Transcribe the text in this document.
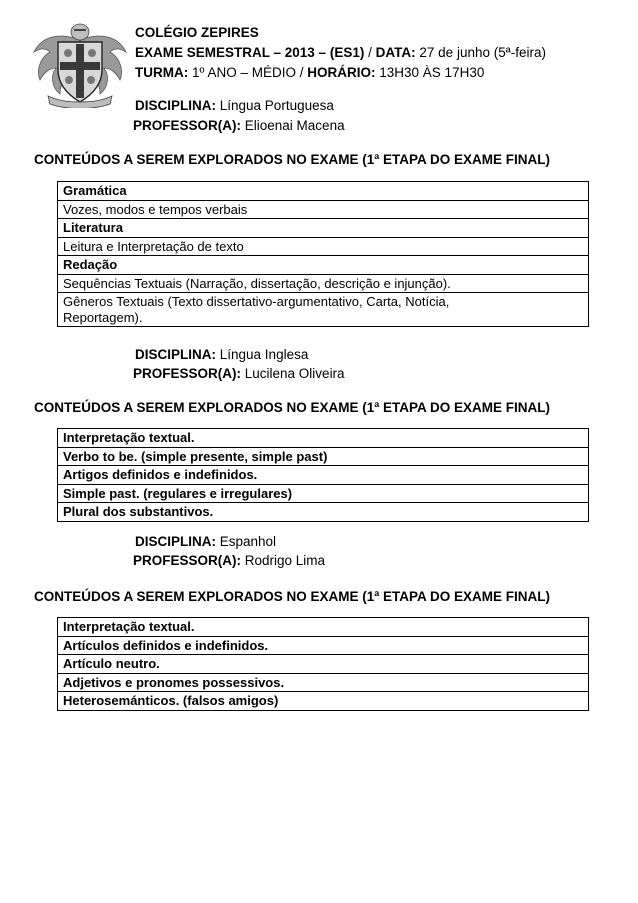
COLÉGIO ZEPIRES
EXAME SEMESTRAL – 2013 – (ES1) / DATA: 27 de junho (5ª-feira)
TURMA: 1º ANO – MÉDIO / HORÁRIO: 13H30 ÀS 17H30
DISCIPLINA: Língua Portuguesa
PROFESSOR(A): Elioenai Macena
CONTEÚDOS A SEREM EXPLORADOS NO EXAME (1ª ETAPA DO EXAME FINAL)
Gramática
Vozes, modos e tempos verbais
Literatura
Leitura e Interpretação de texto
Redação
Sequências Textuais (Narração, dissertação, descrição e injunção).
Gêneros Textuais (Texto dissertativo-argumentativo, Carta, Notícia, Reportagem).
DISCIPLINA: Língua Inglesa
PROFESSOR(A): Lucilena Oliveira
CONTEÚDOS A SEREM EXPLORADOS NO EXAME (1ª ETAPA DO EXAME FINAL)
Interpretação textual.
Verbo to be. (simple presente, simple past)
Artigos definidos e indefinidos.
Simple past. (regulares e irregulares)
Plural dos substantivos.
DISCIPLINA: Espanhol
PROFESSOR(A): Rodrigo Lima
CONTEÚDOS A SEREM EXPLORADOS NO EXAME (1ª ETAPA DO EXAME FINAL)
Interpretação textual.
Artículos definidos e indefinidos.
Artículo neutro.
Adjetivos e pronomes possessivos.
Heterosemánticos. (falsos amigos)
